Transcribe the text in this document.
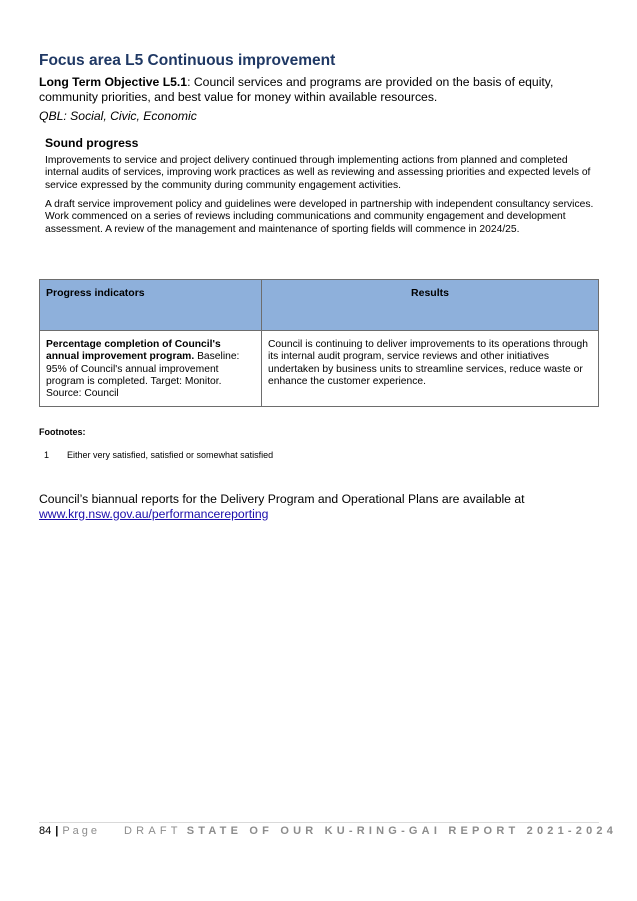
Focus area L5 Continuous improvement
Long Term Objective L5.1: Council services and programs are provided on the basis of equity, community priorities, and best value for money within available resources.
QBL: Social, Civic, Economic
Sound progress
Improvements to service and project delivery continued through implementing actions from planned and completed internal audits of services, improving work practices as well as reviewing and assessing priorities and expected levels of service expressed by the community during community engagement activities.
A draft service improvement policy and guidelines were developed in partnership with independent consultancy services. Work commenced on a series of reviews including communications and community engagement and development assessment. A review of the management and maintenance of sporting fields will commence in 2024/25.
Progress indicators	Results
Percentage completion of Council's annual improvement program. Baseline: 95% of Council's annual improvement program is completed. Target: Monitor. Source: Council	Council is continuing to deliver improvements to its operations through its internal audit program, service reviews and other initiatives undertaken by business units to streamline services, reduce waste or enhance the customer experience.
Footnotes:
1 Either very satisfied, satisfied or somewhat satisfied
Council’s biannual reports for the Delivery Program and Operational Plans are available at
www.krg.nsw.gov.au/performancereporting
84 | Page DRAFT STATE OF OUR KU-RING-GAI REPORT 2021-2024
